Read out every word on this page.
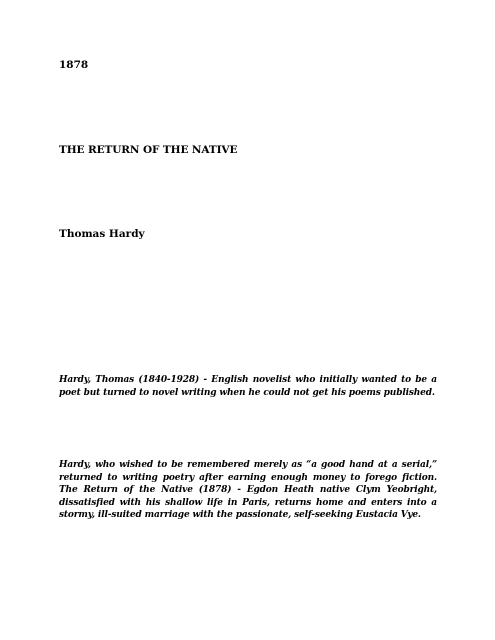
1878

THE RETURN OF THE NATIVE

Thomas Hardy

Hardy, Thomas (1840-1928) - English novelist who initially wanted to be a poet but turned to novel writing when he could not get his poems published.

Hardy, who wished to be remembered merely as “a good hand at a serial,” returned to writing poetry after earning enough money to forego fiction. The Return of the Native (1878) - Egdon Heath native Clym Yeobright, dissatisfied with his shallow life in Paris, returns home and enters into a stormy, ill-suited marriage with the passionate, self-seeking Eustacia Vye.
